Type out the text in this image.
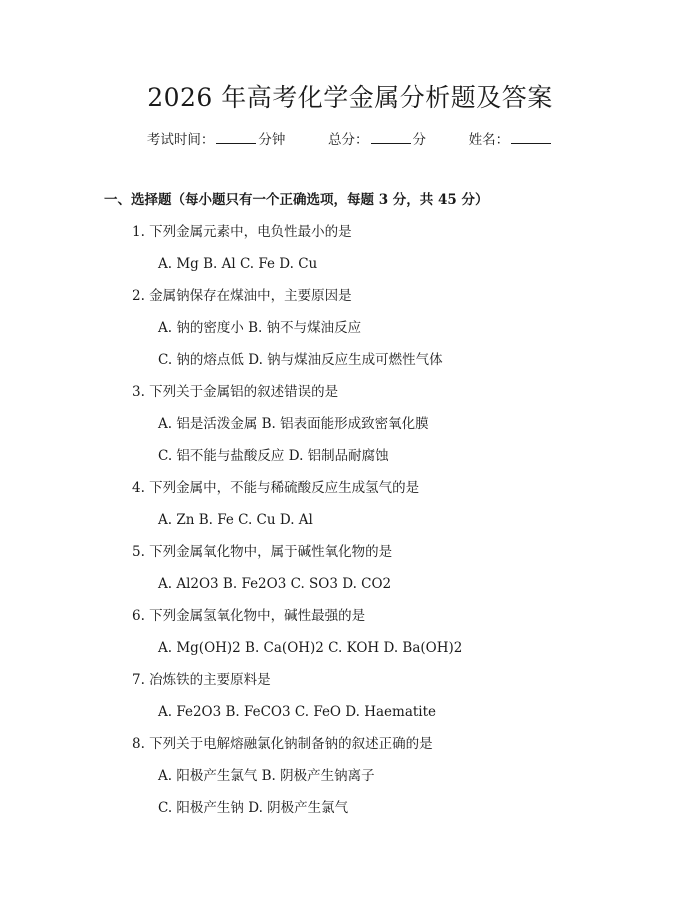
2026 年高考化学金属分析题及答案
考试时间：	分钟	总分：	分	姓名：
一、选择题（每小题只有一个正确选项，每题 3 分，共 45 分）
1. 下列金属元素中，电负性最小的是
A. Mg B. Al C. Fe D. Cu
2. 金属钠保存在煤油中，主要原因是
A. 钠的密度小 B. 钠不与煤油反应
C. 钠的熔点低 D. 钠与煤油反应生成可燃性气体
3. 下列关于金属铝的叙述错误的是
A. 铝是活泼金属 B. 铝表面能形成致密氧化膜
C. 铝不能与盐酸反应 D. 铝制品耐腐蚀
4. 下列金属中，不能与稀硫酸反应生成氢气的是
A. Zn B. Fe C. Cu D. Al
5. 下列金属氧化物中，属于碱性氧化物的是
A. Al2O3 B. Fe2O3 C. SO3 D. CO2
6. 下列金属氢氧化物中，碱性最强的是
A. Mg(OH)2 B. Ca(OH)2 C. KOH D. Ba(OH)2
7. 冶炼铁的主要原料是
A. Fe2O3 B. FeCO3 C. FeO D. Haematite
8. 下列关于电解熔融氯化钠制备钠的叙述正确的是
A. 阳极产生氯气 B. 阴极产生钠离子
C. 阳极产生钠 D. 阴极产生氯气
